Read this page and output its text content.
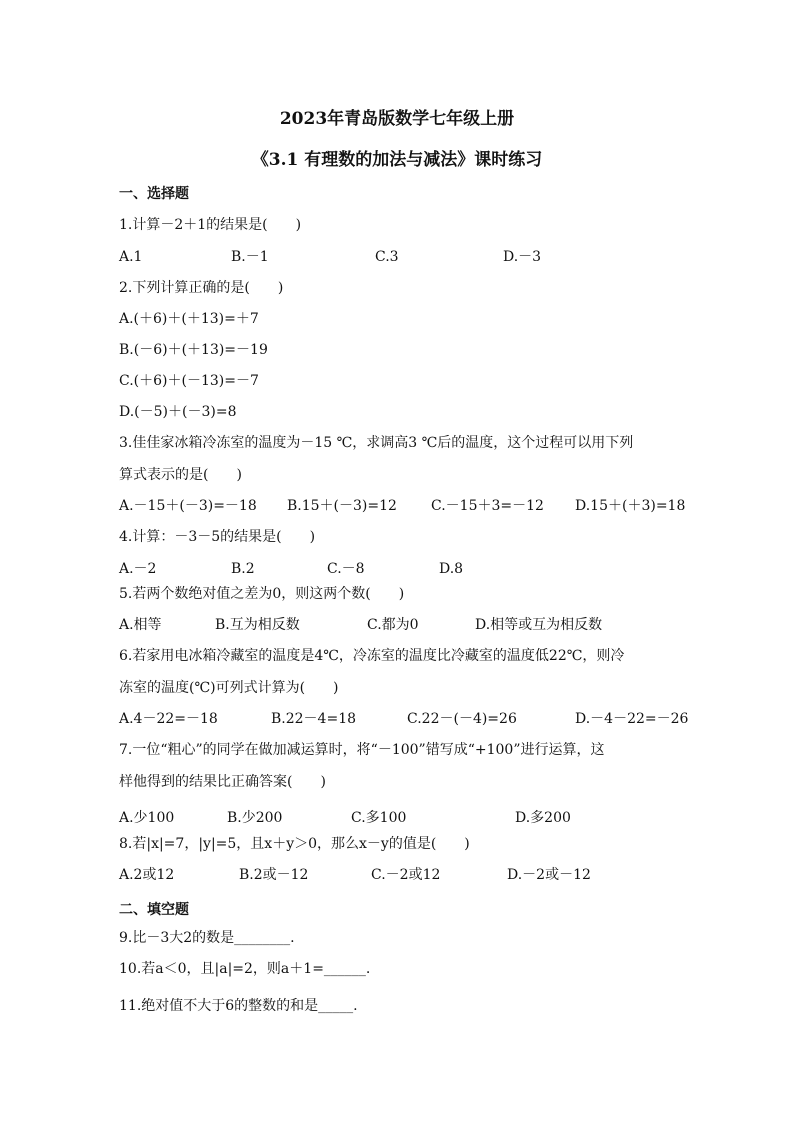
2023年青岛版数学七年级上册
《3.1 有理数的加法与减法》课时练习
一、选择题
1.计算－2＋1的结果是(　　)
A.1	B.－1	C.3	D.－3
2.下列计算正确的是(　　)
A.(＋6)＋(＋13)=＋7
B.(－6)＋(＋13)=－19
C.(＋6)＋(－13)=－7
D.(－5)＋(－3)=8
3.佳佳家冰箱冷冻室的温度为－15 ℃，求调高3 ℃后的温度，这个过程可以用下列
算式表示的是(　　)
A.－15＋(－3)=－18 B.15＋(－3)=12 C.－15＋3=－12 D.15＋(＋3)=18
4.计算：－3－5的结果是(　　)
A.－2	B.2	C.－8	D.8
5.若两个数绝对值之差为0，则这两个数(　　)
A.相等	B.互为相反数	C.都为0	D.相等或互为相反数
6.若家用电冰箱冷藏室的温度是4℃，冷冻室的温度比冷藏室的温度低22℃，则冷
冻室的温度(℃)可列式计算为(　　)
A.4－22=－18	B.22－4=18	C.22－(－4)=26	D.－4－22=－26
7.一位“粗心”的同学在做加减运算时，将“－100”错写成“+100”进行运算，这
样他得到的结果比正确答案(　　)
A.少100	B.少200	C.多100	D.多200
8.若|x|=7，|y|=5，且x＋y＞0，那么x－y的值是(　　)
A.2或12	B.2或－12	C.－2或12	D.－2或－12
二、填空题
9.比－3大2的数是________.
10.若a＜0，且|a|=2，则a＋1=______.
11.绝对值不大于6的整数的和是_____.
